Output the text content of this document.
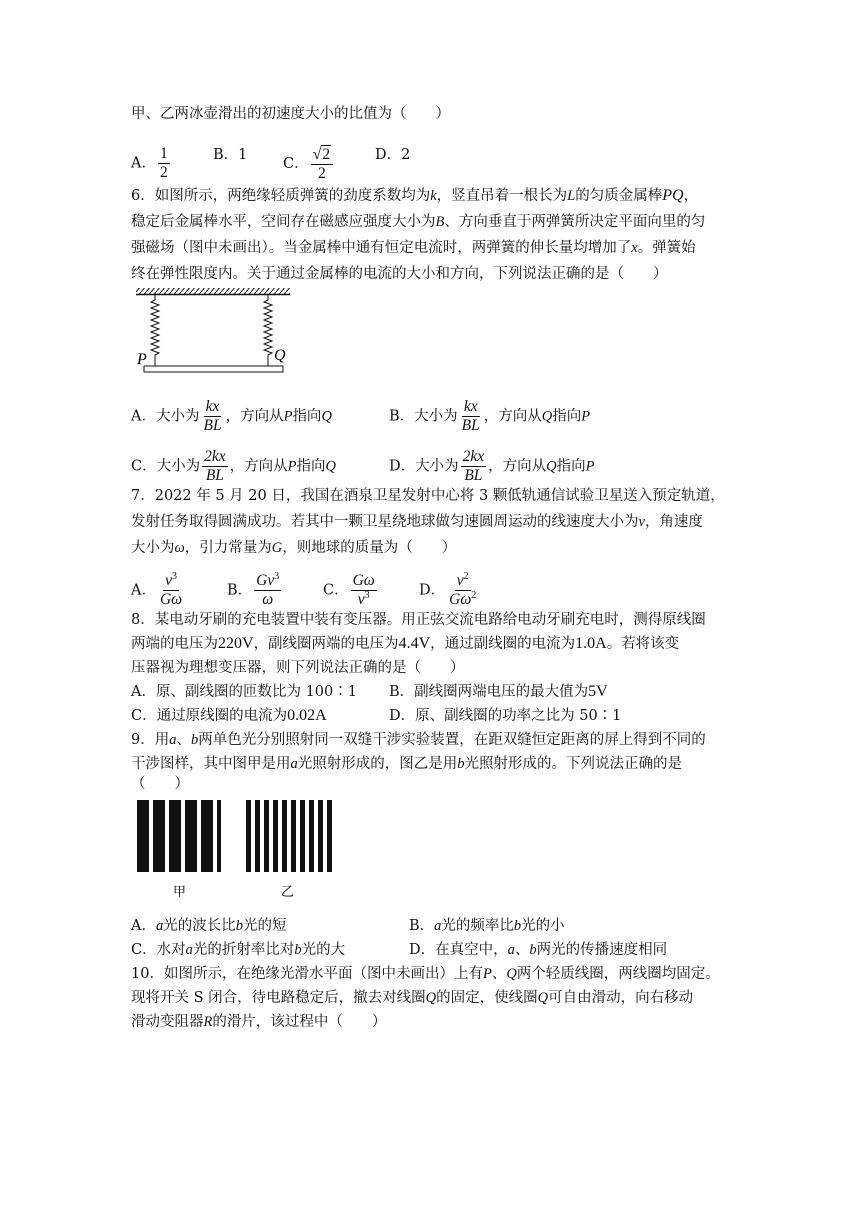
甲、乙两冰壶滑出的初速度大小的比值为（　　）
A． $\frac{1}{2}$	B．1
C． $\frac{√ 2}{2}$	D．2
6．如图所示，两绝缘轻质弹簧的劲度系数均为k，竖直吊着一根长为L的匀质金属棒PQ，
稳定后金属棒水平，空间存在磁感应强度大小为B、方向垂直于两弹簧所决定平面向里的匀
强磁场（图中未画出）。当金属棒中通有恒定电流时，两弹簧的伸长量均增加了x。弹簧始
终在弹性限度内。关于通过金属棒的电流的大小和方向，下列说法正确的是（　　）
P	Q
A．大小为 $\frac{kx}{BL}$ ，方向从P指向Q	B．大小为 $\frac{kx}{BL}$ ，方向从Q指向P
C．大小为 $\frac{2kx}{BL}$ ，方向从P指向Q	D．大小为 $\frac{2kx}{BL}$ ，方向从Q指向P
7．2022 年 5 月 20 日，我国在酒泉卫星发射中心将 3 颗低轨通信试验卫星送入预定轨道，
发射任务取得圆满成功。若其中一颗卫星绕地球做匀速圆周运动的线速度大小为v，角速度
大小为ω，引力常量为G，则地球的质量为（　　）
A． $\frac{v^3}{G\omega}$	B． $\frac{Gv^3}{\omega}$	C． $\frac{G\omega}{v^3}$	D． $\frac{v^2}{G\omega^2}$
8．某电动牙刷的充电装置中装有变压器。用正弦交流电路给电动牙刷充电时，测得原线圈
两端的电压为220V，副线圈两端的电压为4.4V，通过副线圈的电流为1.0A。若将该变
压器视为理想变压器，则下列说法正确的是（　　）
A．原、副线圈的匝数比为 100∶1 B．副线圈两端电压的最大值为5V
C．通过原线圈的电流为0.02A	D．原、副线圈的功率之比为 50∶1
9．用a、b两单色光分别照射同一双缝干涉实验装置，在距双缝恒定距离的屏上得到不同的
干涉图样，其中图甲是用a光照射形成的，图乙是用b光照射形成的。下列说法正确的是
（　　）
甲	乙
A．a光的波长比b光的短	B．a光的频率比b光的小
C．水对a光的折射率比对b光的大	D．在真空中，a、b两光的传播速度相同
10．如图所示，在绝缘光滑水平面（图中未画出）上有P、Q两个轻质线圈，两线圈均固定。
现将开关 S 闭合，待电路稳定后，撤去对线圈Q的固定，使线圈Q可自由滑动，向右移动
滑动变阻器R的滑片，该过程中（　　）
